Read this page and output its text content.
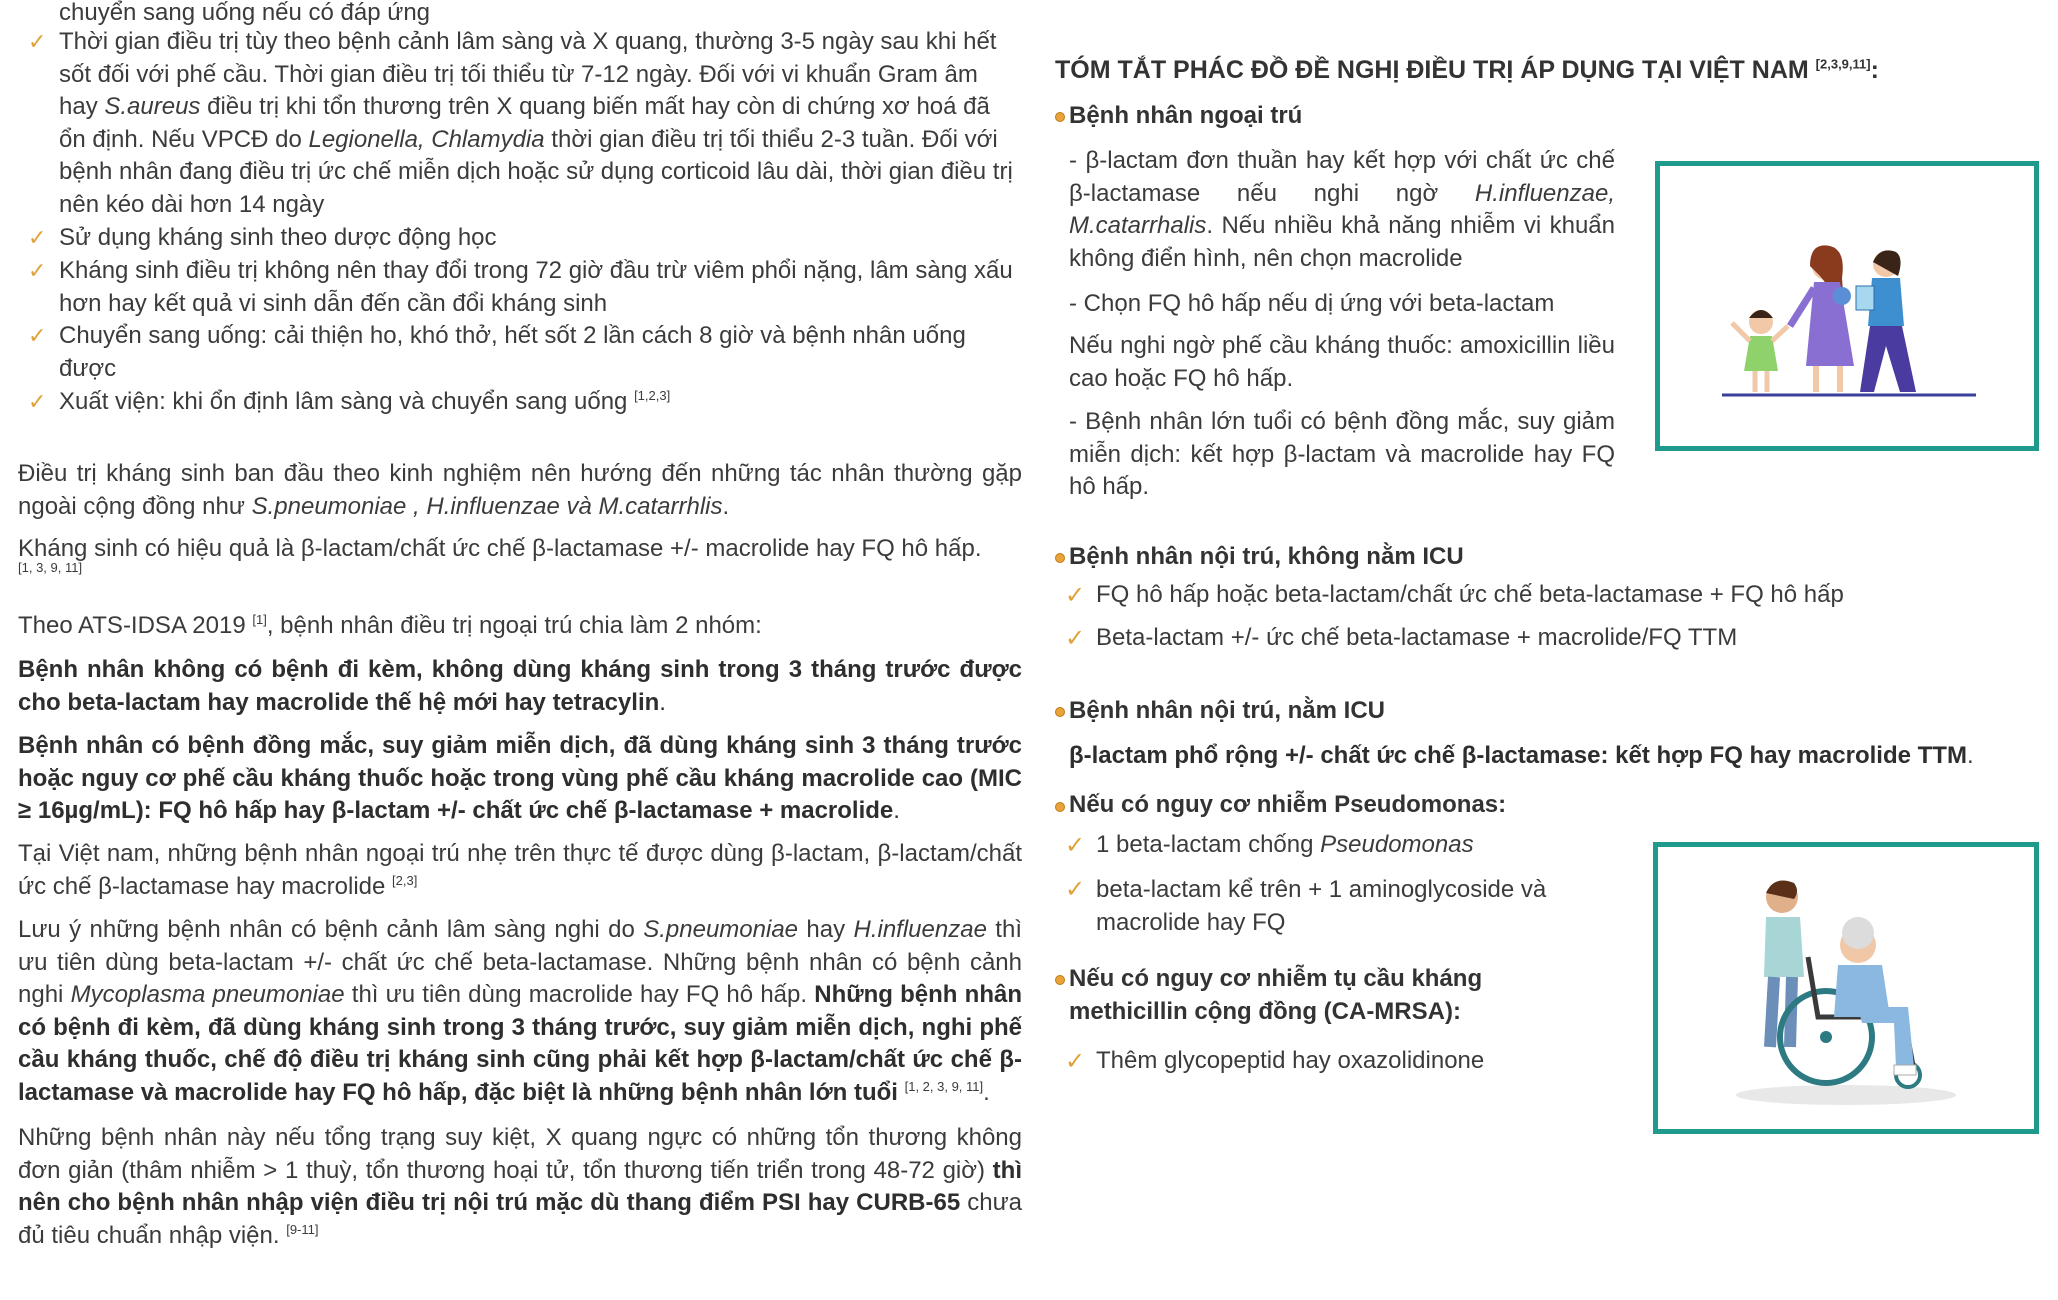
chuyển sang uống nếu có đáp ứng
✓ Thời gian điều trị tùy theo bệnh cảnh lâm sàng và X quang, thường 3-5 ngày sau khi hết sốt đối với phế cầu. Thời gian điều trị tối thiểu từ 7-12 ngày. Đối với vi khuẩn Gram âm hay S.aureus điều trị khi tổn thương trên X quang biến mất hay còn di chứng xơ hoá đã ổn định. Nếu VPCĐ do Legionella, Chlamydia thời gian điều trị tối thiểu 2-3 tuần. Đối với bệnh nhân đang điều trị ức chế miễn dịch hoặc sử dụng corticoid lâu dài, thời gian điều trị nên kéo dài hơn 14 ngày
✓ Sử dụng kháng sinh theo dược động học
✓ Kháng sinh điều trị không nên thay đổi trong 72 giờ đầu trừ viêm phổi nặng, lâm sàng xấu hơn hay kết quả vi sinh dẫn đến cần đổi kháng sinh
✓ Chuyển sang uống: cải thiện ho, khó thở, hết sốt 2 lần cách 8 giờ và bệnh nhân uống được
✓ Xuất viện: khi ổn định lâm sàng và chuyển sang uống [1,2,3]
Điều trị kháng sinh ban đầu theo kinh nghiệm nên hướng đến những tác nhân thường gặp ngoài cộng đồng như S.pneumoniae , H.influenzae và M.catarrhlis.
Kháng sinh có hiệu quả là β-lactam/chất ức chế β-lactamase +/- macrolide hay FQ hô hấp.
[1, 3, 9, 11]
Theo ATS-IDSA 2019 [1], bệnh nhân điều trị ngoại trú chia làm 2 nhóm:
Bệnh nhân không có bệnh đi kèm, không dùng kháng sinh trong 3 tháng trước được cho beta-lactam hay macrolide thế hệ mới hay tetracylin.
Bệnh nhân có bệnh đồng mắc, suy giảm miễn dịch, đã dùng kháng sinh 3 tháng trước hoặc nguy cơ phế cầu kháng thuốc hoặc trong vùng phế cầu kháng macrolide cao (MIC ≥ 16µg/mL): FQ hô hấp hay β-lactam +/- chất ức chế β-lactamase + macrolide.
Tại Việt nam, những bệnh nhân ngoại trú nhẹ trên thực tế được dùng β-lactam, β-lactam/chất ức chế β-lactamase hay macrolide [2,3]
Lưu ý những bệnh nhân có bệnh cảnh lâm sàng nghi do S.pneumoniae hay H.influenzae thì ưu tiên dùng beta-lactam +/- chất ức chế beta-lactamase. Những bệnh nhân có bệnh cảnh nghi Mycoplasma pneumoniae thì ưu tiên dùng macrolide hay FQ hô hấp. Những bệnh nhân có bệnh đi kèm, đã dùng kháng sinh trong 3 tháng trước, suy giảm miễn dịch, nghi phế cầu kháng thuốc, chế độ điều trị kháng sinh cũng phải kết hợp β-lactam/chất ức chế β-lactamase và macrolide hay FQ hô hấp, đặc biệt là những bệnh nhân lớn tuổi [1, 2, 3, 9, 11].
Những bệnh nhân này nếu tổng trạng suy kiệt, X quang ngực có những tổn thương không đơn giản (thâm nhiễm > 1 thuỳ, tổn thương hoại tử, tổn thương tiến triển trong 48-72 giờ) thì nên cho bệnh nhân nhập viện điều trị nội trú mặc dù thang điểm PSI hay CURB-65 chưa đủ tiêu chuẩn nhập viện. [9-11]
TÓM TẮT PHÁC ĐỒ ĐỀ NGHỊ ĐIỀU TRỊ ÁP DỤNG TẠI VIỆT NAM [2,3,9,11]:
Bệnh nhân ngoại trú
- β-lactam đơn thuần hay kết hợp với chất ức chế β-lactamase nếu nghi ngờ H.influenzae, M.catarrhalis. Nếu nhiều khả năng nhiễm vi khuẩn không điển hình, nên chọn macrolide
- Chọn FQ hô hấp nếu dị ứng với beta-lactam
Nếu nghi ngờ phế cầu kháng thuốc: amoxicillin liều cao hoặc FQ hô hấp.
- Bệnh nhân lớn tuổi có bệnh đồng mắc, suy giảm miễn dịch: kết hợp β-lactam và macrolide hay FQ hô hấp.
Bệnh nhân nội trú, không nằm ICU
✓ FQ hô hấp hoặc beta-lactam/chất ức chế beta-lactamase + FQ hô hấp
✓ Beta-lactam +/- ức chế beta-lactamase + macrolide/FQ TTM
Bệnh nhân nội trú, nằm ICU
β-lactam phổ rộng +/- chất ức chế β-lactamase: kết hợp FQ hay macrolide TTM.
Nếu có nguy cơ nhiễm Pseudomonas:
✓ 1 beta-lactam chống Pseudomonas
✓ beta-lactam kể trên + 1 aminoglycoside và macrolide hay FQ
Nếu có nguy cơ nhiễm tụ cầu kháng methicillin cộng đồng (CA-MRSA):
✓ Thêm glycopeptid hay oxazolidinone
